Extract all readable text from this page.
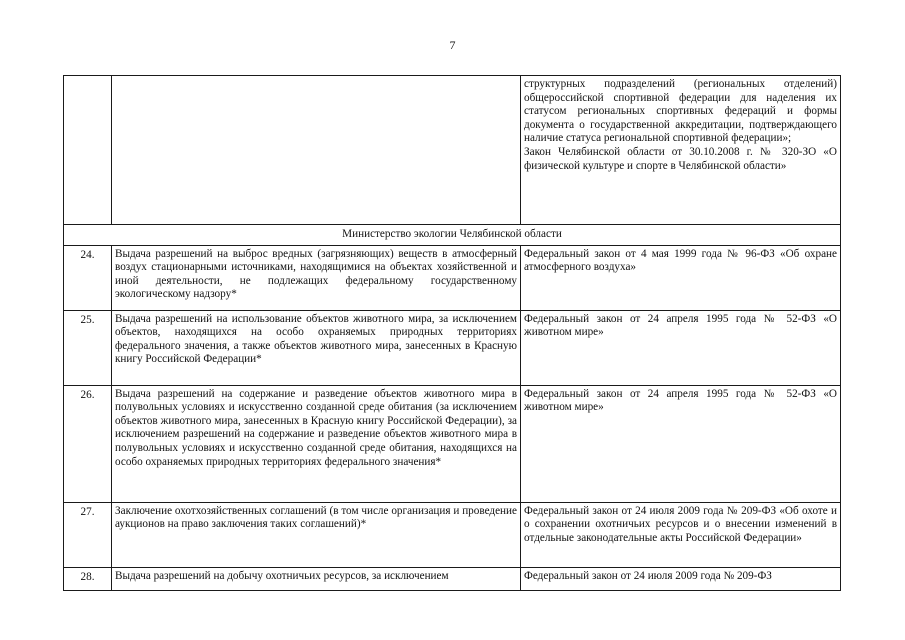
7
		структурных подразделений (региональных отделений) общероссийской спортивной федерации для наделения их статусом региональных спортивных федераций и формы документа о государственной аккредитации, подтверждающего наличие статуса региональной спортивной федерации»;
Закон Челябинской области от 30.10.2008 г. № 320-ЗО «О физической культуре и спорте в Челябинской области»
Министерство экологии Челябинской области		
24.	Выдача разрешений на выброс вредных (загрязняющих) веществ в атмосферный воздух стационарными источниками, находящимися на объектах хозяйственной и иной деятельности, не подлежащих федеральному государственному экологическому надзору*	Федеральный закон от 4 мая 1999 года № 96-ФЗ «Об охране атмосферного воздуха»
25.	Выдача разрешений на использование объектов животного мира, за исключением объектов, находящихся на особо охраняемых природных территориях федерального значения, а также объектов животного мира, занесенных в Красную книгу Российской Федерации*	Федеральный закон от 24 апреля 1995 года № 52-ФЗ «О животном мире»
26.	Выдача разрешений на содержание и разведение объектов животного мира в полувольных условиях и искусственно созданной среде обитания (за исключением объектов животного мира, занесенных в Красную книгу Российской Федерации), за исключением разрешений на содержание и разведение объектов животного мира в полувольных условиях и искусственно созданной среде обитания, находящихся на особо охраняемых природных территориях федерального значения*	Федеральный закон от 24 апреля 1995 года № 52-ФЗ «О животном мире»
27.	Заключение охотхозяйственных соглашений (в том числе организация и проведение аукционов на право заключения таких соглашений)*	Федеральный закон от 24 июля 2009 года № 209-ФЗ «Об охоте и о сохранении охотничьих ресурсов и о внесении изменений в отдельные законодательные акты Российской Федерации»
28.	Выдача разрешений на добычу охотничьих ресурсов, за исключением	Федеральный закон от 24 июля 2009 года № 209-ФЗ
